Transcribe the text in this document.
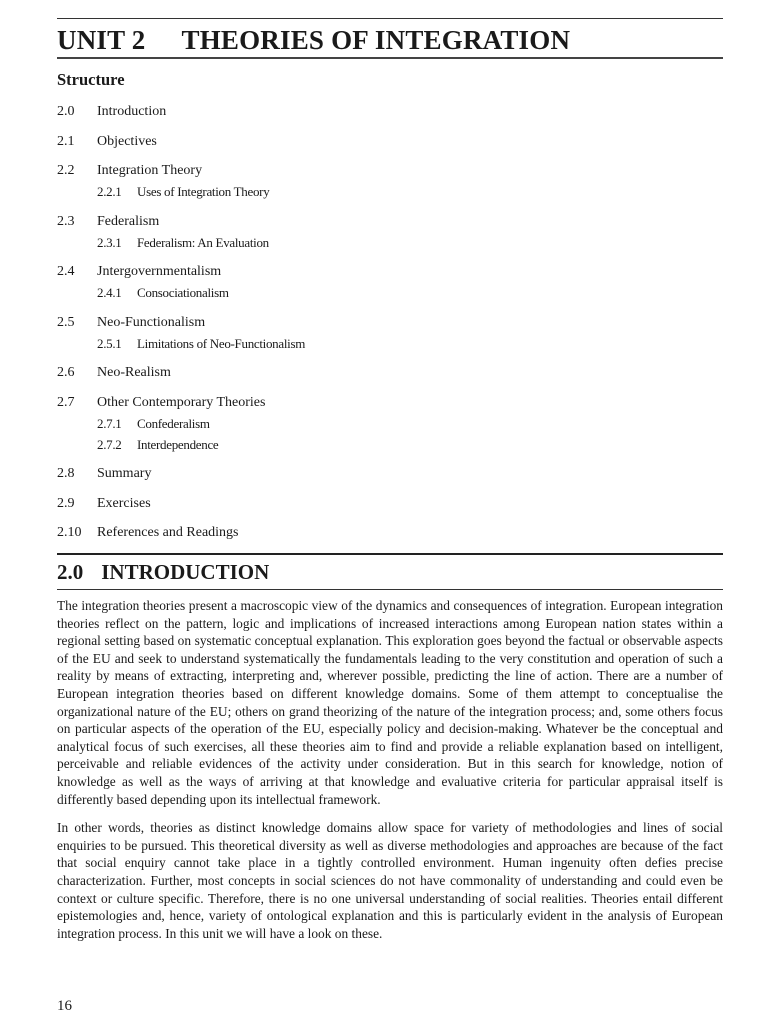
UNIT 2 THEORIES OF INTEGRATION
Structure
2.0 Introduction
2.1 Objectives
2.2 Integration Theory
2.2.1 Uses of Integration Theory
2.3 Federalism
2.3.1 Federalism: An Evaluation
2.4 Jntergovernmentalism
2.4.1 Consociationalism
2.5 Neo-Functionalism
2.5.1 Limitations of Neo-Functionalism
2.6 Neo-Realism
2.7 Other Contemporary Theories
2.7.1 Confederalism
2.7.2 Interdependence
2.8 Summary
2.9 Exercises
2.10 References and Readings
2.0 INTRODUCTION

The integration theories present a macroscopic view of the dynamics and consequences of integration. European integration theories reflect on the pattern, logic and implications of increased interactions among European nation states within a regional setting based on systematic conceptual explanation. This exploration goes beyond the factual or observable aspects of the EU and seek to understand systematically the fundamentals leading to the very constitution and operation of such a reality by means of extracting, interpreting and, wherever possible, predicting the line of action. There are a number of European integration theories based on different knowledge domains. Some of them attempt to conceptualise the organizational nature of the EU; others on grand theorizing of the nature of the integration process; and, some others focus on particular aspects of the operation of the EU, especially policy and decision-making. Whatever be the conceptual and analytical focus of such exercises, all these theories aim to find and provide a reliable explanation based on intelligent, perceivable and reliable evidences of the activity under consideration. But in this search for knowledge, notion of knowledge as well as the ways of arriving at that knowledge and evaluative criteria for particular appraisal itself is differently based depending upon its intellectual framework.

In other words, theories as distinct knowledge domains allow space for variety of methodologies and lines of social enquiries to be pursued. This theoretical diversity as well as diverse methodologies and approaches are because of the fact that social enquiry cannot take place in a tightly controlled environment. Human ingenuity often defies precise characterization. Further, most concepts in social sciences do not have commonality of understanding and could even be context or culture specific. Therefore, there is no one universal understanding of social realities. Theories entail different epistemologies and, hence, variety of ontological explanation and this is particularly evident in the analysis of European integration process. In this unit we will have a look on these.

16
